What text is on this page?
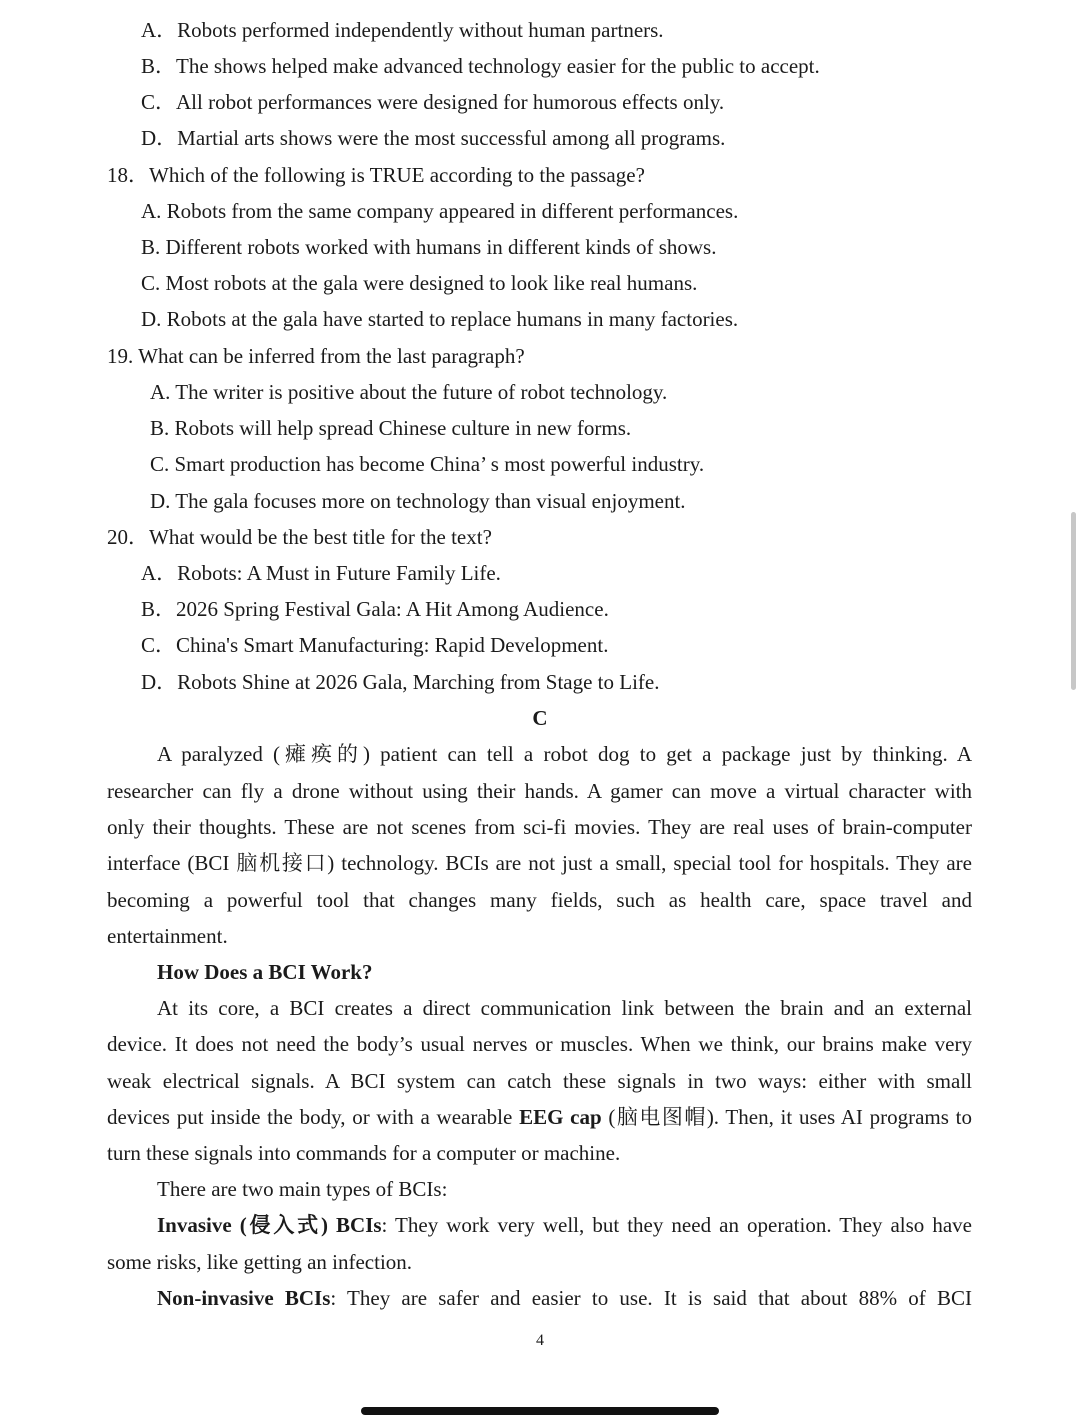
A．Robots performed independently without human partners.
B．The shows helped make advanced technology easier for the public to accept.
C．All robot performances were designed for humorous effects only.
D．Martial arts shows were the most successful among all programs.
18．Which of the following is TRUE according to the passage?
A. Robots from the same company appeared in different performances.
B. Different robots worked with humans in different kinds of shows.
C. Most robots at the gala were designed to look like real humans.
D. Robots at the gala have started to replace humans in many factories.
19. What can be inferred from the last paragraph?
A. The writer is positive about the future of robot technology.
B. Robots will help spread Chinese culture in new forms.
C. Smart production has become China’ s most powerful industry.
D. The gala focuses more on technology than visual enjoyment.
20．What would be the best title for the text?
A．Robots: A Must in Future Family Life.
B．2026 Spring Festival Gala: A Hit Among Audience.
C．China's Smart Manufacturing: Rapid Development.
D．Robots Shine at 2026 Gala, Marching from Stage to Life.
C
A paralyzed (瘫痪的) patient can tell a robot dog to get a package just by thinking. A
researcher can fly a drone without using their hands. A gamer can move a virtual character with
only their thoughts. These are not scenes from sci-fi movies. They are real uses of brain-computer
interface (BCI 脑机接口) technology. BCIs are not just a small, special tool for hospitals. They are
becoming a powerful tool that changes many fields, such as health care, space travel and
entertainment.
How Does a BCI Work?
At its core, a BCI creates a direct communication link between the brain and an external
device. It does not need the body’s usual nerves or muscles. When we think, our brains make very
weak electrical signals. A BCI system can catch these signals in two ways: either with small
devices put inside the body, or with a wearable EEG cap (脑电图帽). Then, it uses AI programs to
turn these signals into commands for a computer or machine.
There are two main types of BCIs:
Invasive (侵入式) BCIs: They work very well, but they need an operation. They also have
some risks, like getting an infection.
Non-invasive BCIs: They are safer and easier to use. It is said that about 88% of BCI
4
